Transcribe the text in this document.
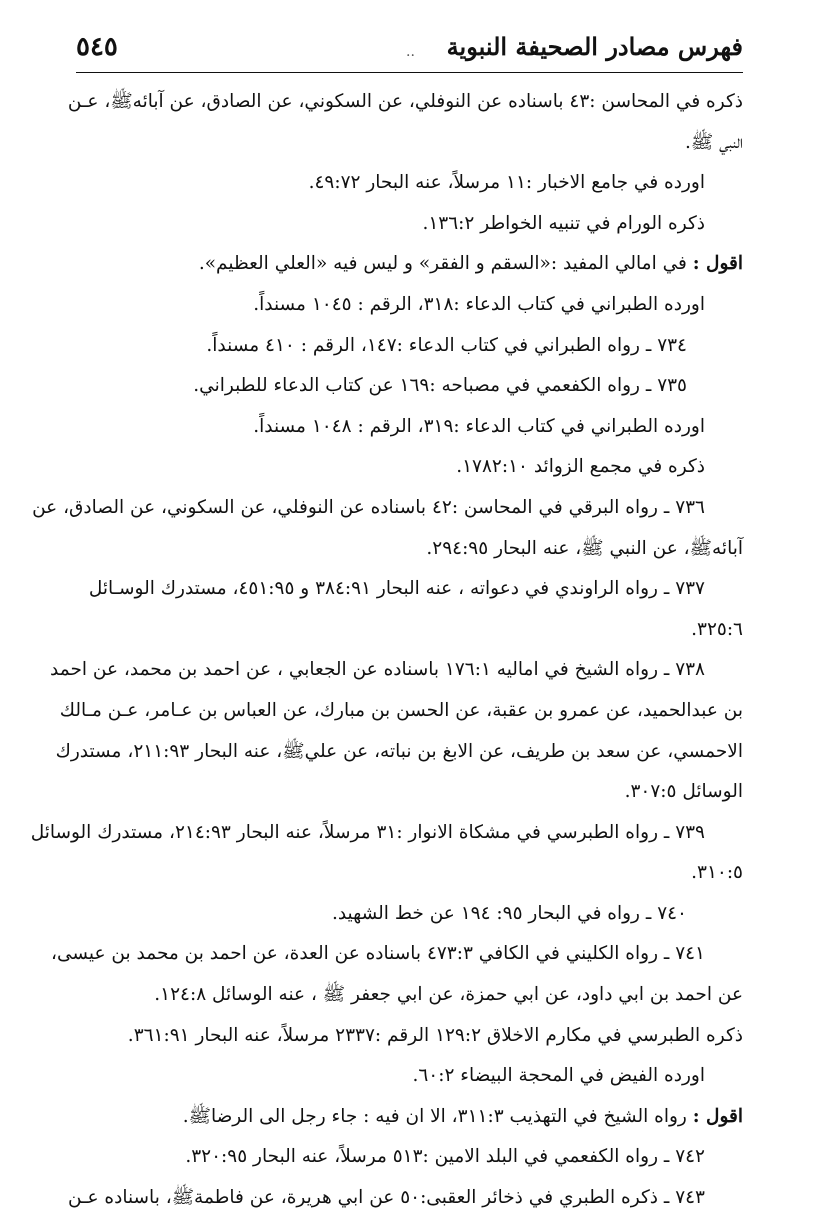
٥٤٥	.. فهرس مصادر الصحيفة النبوية
ذكره في المحاسن :٤٣ باسناده عن النوفلي، عن السكوني، عن الصادق، عن آبائهﷺ، عـن
النبي ﷺ.
اورده في جامع الاخبار :١١ مرسلاً، عنه البحار ٤٩:٧٢.
ذكره الورام في تنبيه الخواطر ١٣٦:٢.
اقول : في امالي المفيد :«السقم و الفقر» و ليس فيه «العلي العظيم».
اورده الطبراني في كتاب الدعاء :٣١٨، الرقم : ١٠٤٥ مسنداً.
٧٣٤ ـ رواه الطبراني في كتاب الدعاء :١٤٧، الرقم : ٤١٠ مسنداً.
٧٣٥ ـ رواه الكفعمي في مصباحه :١٦٩ عن كتاب الدعاء للطبراني.
اورده الطبراني في كتاب الدعاء :٣١٩، الرقم : ١٠٤٨ مسنداً.
ذكره في مجمع الزوائد ١٧٨٢:١٠.
٧٣٦ ـ رواه البرقي في المحاسن :٤٢ باسناده عن النوفلي، عن السكوني، عن الصادق، عن
آبائهﷺ، عن النبي ﷺ، عنه البحار ٢٩٤:٩٥.
٧٣٧ ـ رواه الراوندي في دعواته ، عنه البحار ٣٨٤:٩١ و ٤٥١:٩٥، مستدرك الوسـائل
٣٢٥:٦.
٧٣٨ ـ رواه الشيخ في اماليه ١٧٦:١ باسناده عن الجعابي ، عن احمد بن محمد، عن احمد
بن عبدالحميد، عن عمرو بن عقبة، عن الحسن بن مبارك، عن العباس بن عـامر، عـن مـالك
الاحمسي، عن سعد بن طريف، عن الابغ بن نباته، عن عليﷺ، عنه البحار ٢١١:٩٣، مستدرك
الوسائل ٣٠٧:٥.
٧٣٩ ـ رواه الطبرسي في مشكاة الانوار :٣١ مرسلاً، عنه البحار ٢١٤:٩٣، مستدرك الوسائل
٣١٠:٥.
٧٤٠ ـ رواه في البحار ٩٥: ١٩٤ عن خط الشهيد.
٧٤١ ـ رواه الكليني في الكافي ٤٧٣:٣ باسناده عن العدة، عن احمد بن محمد بن عيسى،
عن احمد بن ابي داود، عن ابي حمزة، عن ابي جعفر ﷺ ، عنه الوسائل ١٢٤:٨.
ذكره الطبرسي في مكارم الاخلاق ١٢٩:٢ الرقم :٢٣٣٧ مرسلاً، عنه البحار ٣٦١:٩١.
اورده الفيض في المحجة البيضاء ٦٠:٢.
اقول : رواه الشيخ في التهذيب ٣١١:٣، الا ان فيه : جاء رجل الى الرضاﷺ.
٧٤٢ ـ رواه الكفعمي في البلد الامين :٥١٣ مرسلاً، عنه البحار ٣٢٠:٩٥.
٧٤٣ ـ ذكره الطبري في ذخائر العقبى:٥٠ عن ابي هريرة، عن فاطمةﷺ، باسناده عـن
